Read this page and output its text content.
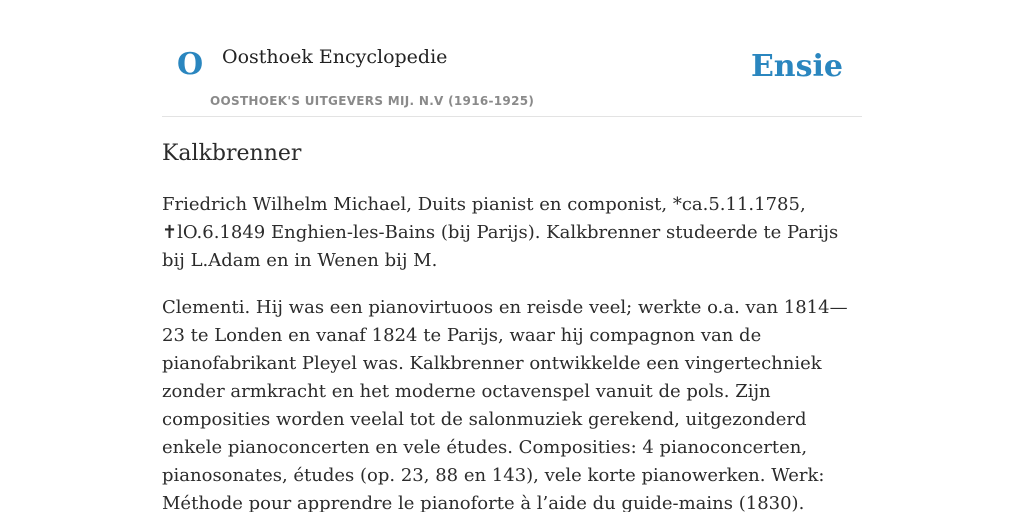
O Oosthoek Encyclopedie
OOSTHOEK'S UITGEVERS MIJ. N.V (1916-1925)
Ensie
Kalkbrenner

Friedrich Wilhelm Michael, Duits pianist en componist, *ca.5.11.1785, ✝lO.6.1849 Enghien-les-Bains (bij Parijs). Kalkbrenner studeerde te Parijs bij L.Adam en in Wenen bij M.

Clementi. Hij was een pianovirtuoos en reisde veel; werkte o.a. van 1814—23 te Londen en vanaf 1824 te Parijs, waar hij compagnon van de pianofabrikant Pleyel was. Kalkbrenner ontwikkelde een vingertechniek zonder armkracht en het moderne octavenspel vanuit de pols. Zijn composities worden veelal tot de salonmuziek gerekend, uitgezonderd enkele pianoconcerten en vele études. Composities: 4 pianoconcerten, pianosonates, études (op. 23, 88 en 143), vele korte pianowerken. Werk: Méthode pour apprendre le pianoforte à l’aide du guide-mains (1830).
